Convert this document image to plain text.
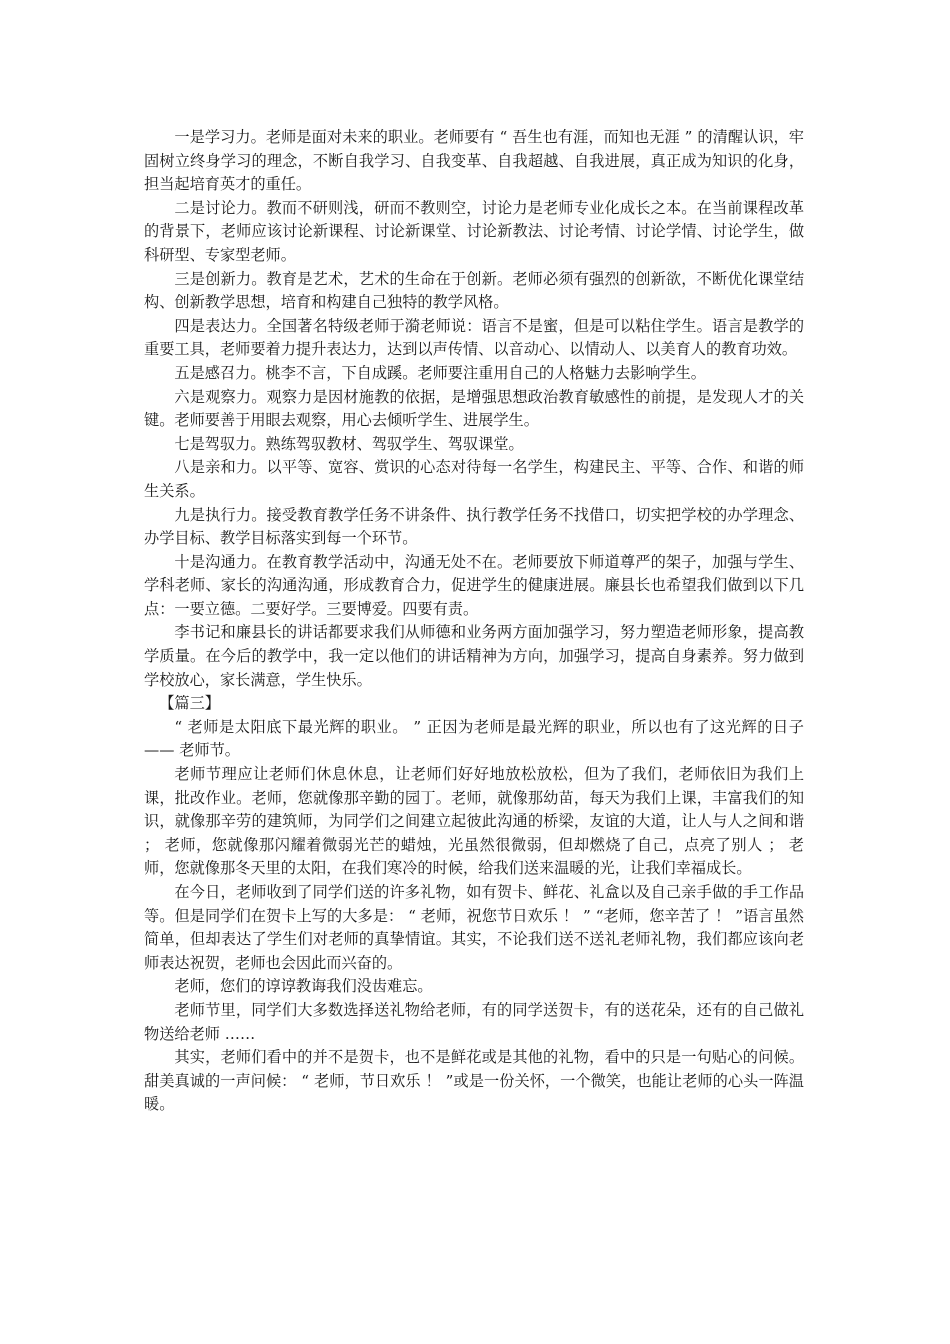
一是学习力。老师是面对未来的职业。老师要有 “ 吾生也有涯，而知也无涯 ” 的清醒认识，牢固树立终身学习的理念，不断自我学习、自我变革、自我超越、自我进展，真正成为知识的化身，担当起培育英才的重任。

二是讨论力。教而不研则浅，研而不教则空，讨论力是老师专业化成长之本。在当前课程改革的背景下，老师应该讨论新课程、讨论新课堂、讨论新教法、讨论考情、讨论学情、讨论学生，做科研型、专家型老师。

三是创新力。教育是艺术，艺术的生命在于创新。老师必须有强烈的创新欲，不断优化课堂结构、创新教学思想，培育和构建自己独特的教学风格。

四是表达力。全国著名特级老师于漪老师说：语言不是蜜，但是可以粘住学生。语言是教学的重要工具，老师要着力提升表达力，达到以声传情、以音动心、以情动人、以美育人的教育功效。

五是感召力。桃李不言，下自成蹊。老师要注重用自己的人格魅力去影响学生。

六是观察力。观察力是因材施教的依据，是增强思想政治教育敏感性的前提，是发现人才的关键。老师要善于用眼去观察，用心去倾听学生、进展学生。

七是驾驭力。熟练驾驭教材、驾驭学生、驾驭课堂。

八是亲和力。以平等、宽容、赏识的心态对待每一名学生，构建民主、平等、合作、和谐的师生关系。

九是执行力。接受教育教学任务不讲条件、执行教学任务不找借口，切实把学校的办学理念、办学目标、教学目标落实到每一个环节。

十是沟通力。在教育教学活动中，沟通无处不在。老师要放下师道尊严的架子，加强与学生、学科老师、家长的沟通沟通，形成教育合力，促进学生的健康进展。廉县长也希望我们做到以下几点：一要立德。二要好学。三要博爱。四要有责。

李书记和廉县长的讲话都要求我们从师德和业务两方面加强学习，努力塑造老师形象，提高教学质量。在今后的教学中，我一定以他们的讲话精神为方向，加强学习，提高自身素养。努力做到学校放心，家长满意，学生快乐。

【篇三】

“ 老师是太阳底下最光辉的职业。 ” 正因为老师是最光辉的职业，所以也有了这光辉的日子 —— 老师节。

老师节理应让老师们休息休息，让老师们好好地放松放松，但为了我们，老师依旧为我们上课，批改作业。老师，您就像那辛勤的园丁。老师，就像那幼苗，每天为我们上课，丰富我们的知识，就像那辛劳的建筑师，为同学们之间建立起彼此沟通的桥梁，友谊的大道，让人与人之间和谐 ； 老师，您就像那闪耀着微弱光芒的蜡烛，光虽然很微弱，但却燃烧了自己，点亮了别人 ； 老师，您就像那冬天里的太阳，在我们寒冷的时候，给我们送来温暖的光，让我们幸福成长。

在今日，老师收到了同学们送的许多礼物，如有贺卡、鲜花、礼盒以及自己亲手做的手工作品等。但是同学们在贺卡上写的大多是： “ 老师，祝您节日欢乐 ！ ” “老师，您辛苦了 ！ ”语言虽然简单，但却表达了学生们对老师的真挚情谊。其实，不论我们送不送礼老师礼物，我们都应该向老师表达祝贺，老师也会因此而兴奋的。

老师，您们的谆谆教诲我们没齿难忘。

老师节里，同学们大多数选择送礼物给老师，有的同学送贺卡，有的送花朵，还有的自己做礼物送给老师 ……

其实，老师们看中的并不是贺卡，也不是鲜花或是其他的礼物，看中的只是一句贴心的问候。甜美真诚的一声问候： “ 老师，节日欢乐 ！ ”或是一份关怀，一个微笑，也能让老师的心头一阵温暖。
